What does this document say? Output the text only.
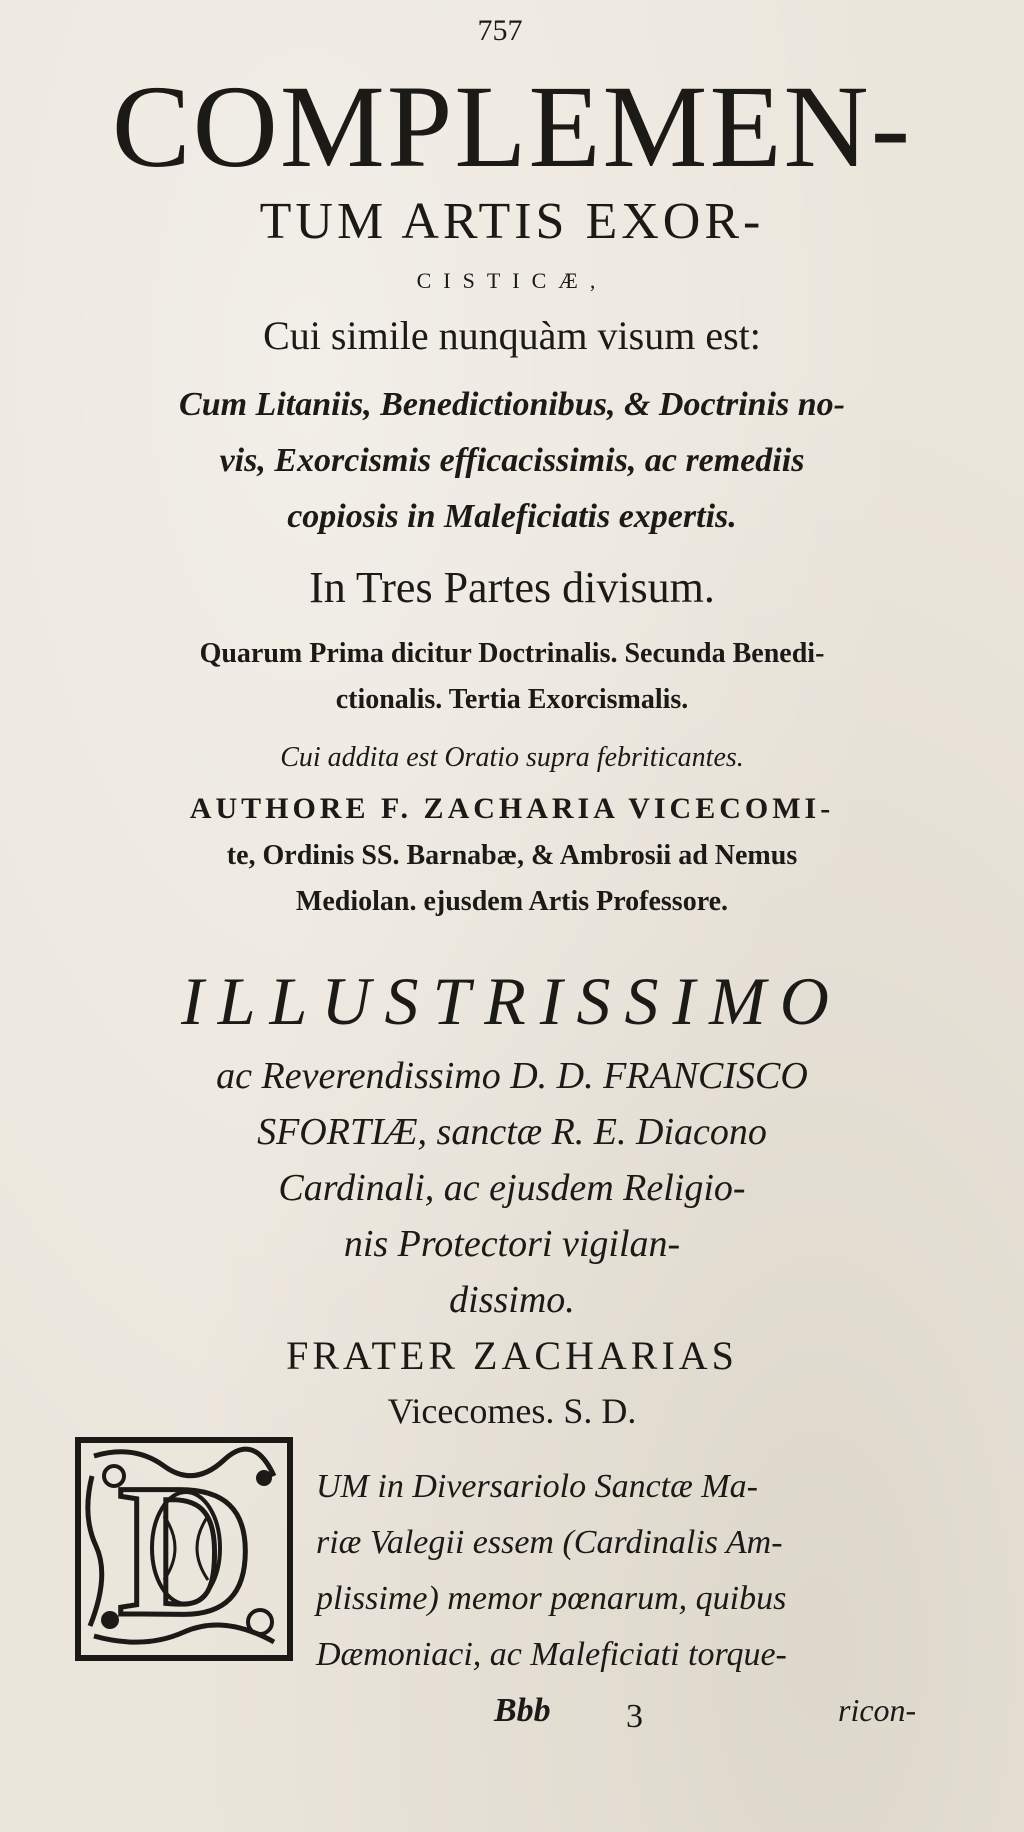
757
COMPLEMEN-
TUM ARTIS EXOR-
CISTICÆ,
Cui simile nunquàm visum est:
Cum Litaniis, Benedictionibus, & Doctrinis no-
vis, Exorcismis efficacissimis, ac remediis
copiosis in Maleficiatis expertis.
In Tres Partes divisum.
Quarum Prima dicitur Doctrinalis. Secunda Benedi-
ctionalis. Tertia Exorcismalis.
Cui addita est Oratio supra febriticantes.
AUTHORE F. ZACHARIA VICECOMI-
te, Ordinis SS. Barnabæ, & Ambrosii ad Nemus
Mediolan. ejusdem Artis Professore.
ILLUSTRISSIMO
ac Reverendissimo D. D. FRANCISCO
SFORTIÆ, sanctæ R. E. Diacono
Cardinali, ac ejusdem Religio-
nis Protectori vigilan-
dissimo.
FRATER ZACHARIAS
Vicecomes. S. D.
D UM in Diversariolo Sanctæ Ma-
riæ Valegii essem (Cardinalis Am-
plissime) memor pœnarum, quibus
Dæmoniaci, ac Maleficiati torque-
Bbb 3	ricon-
